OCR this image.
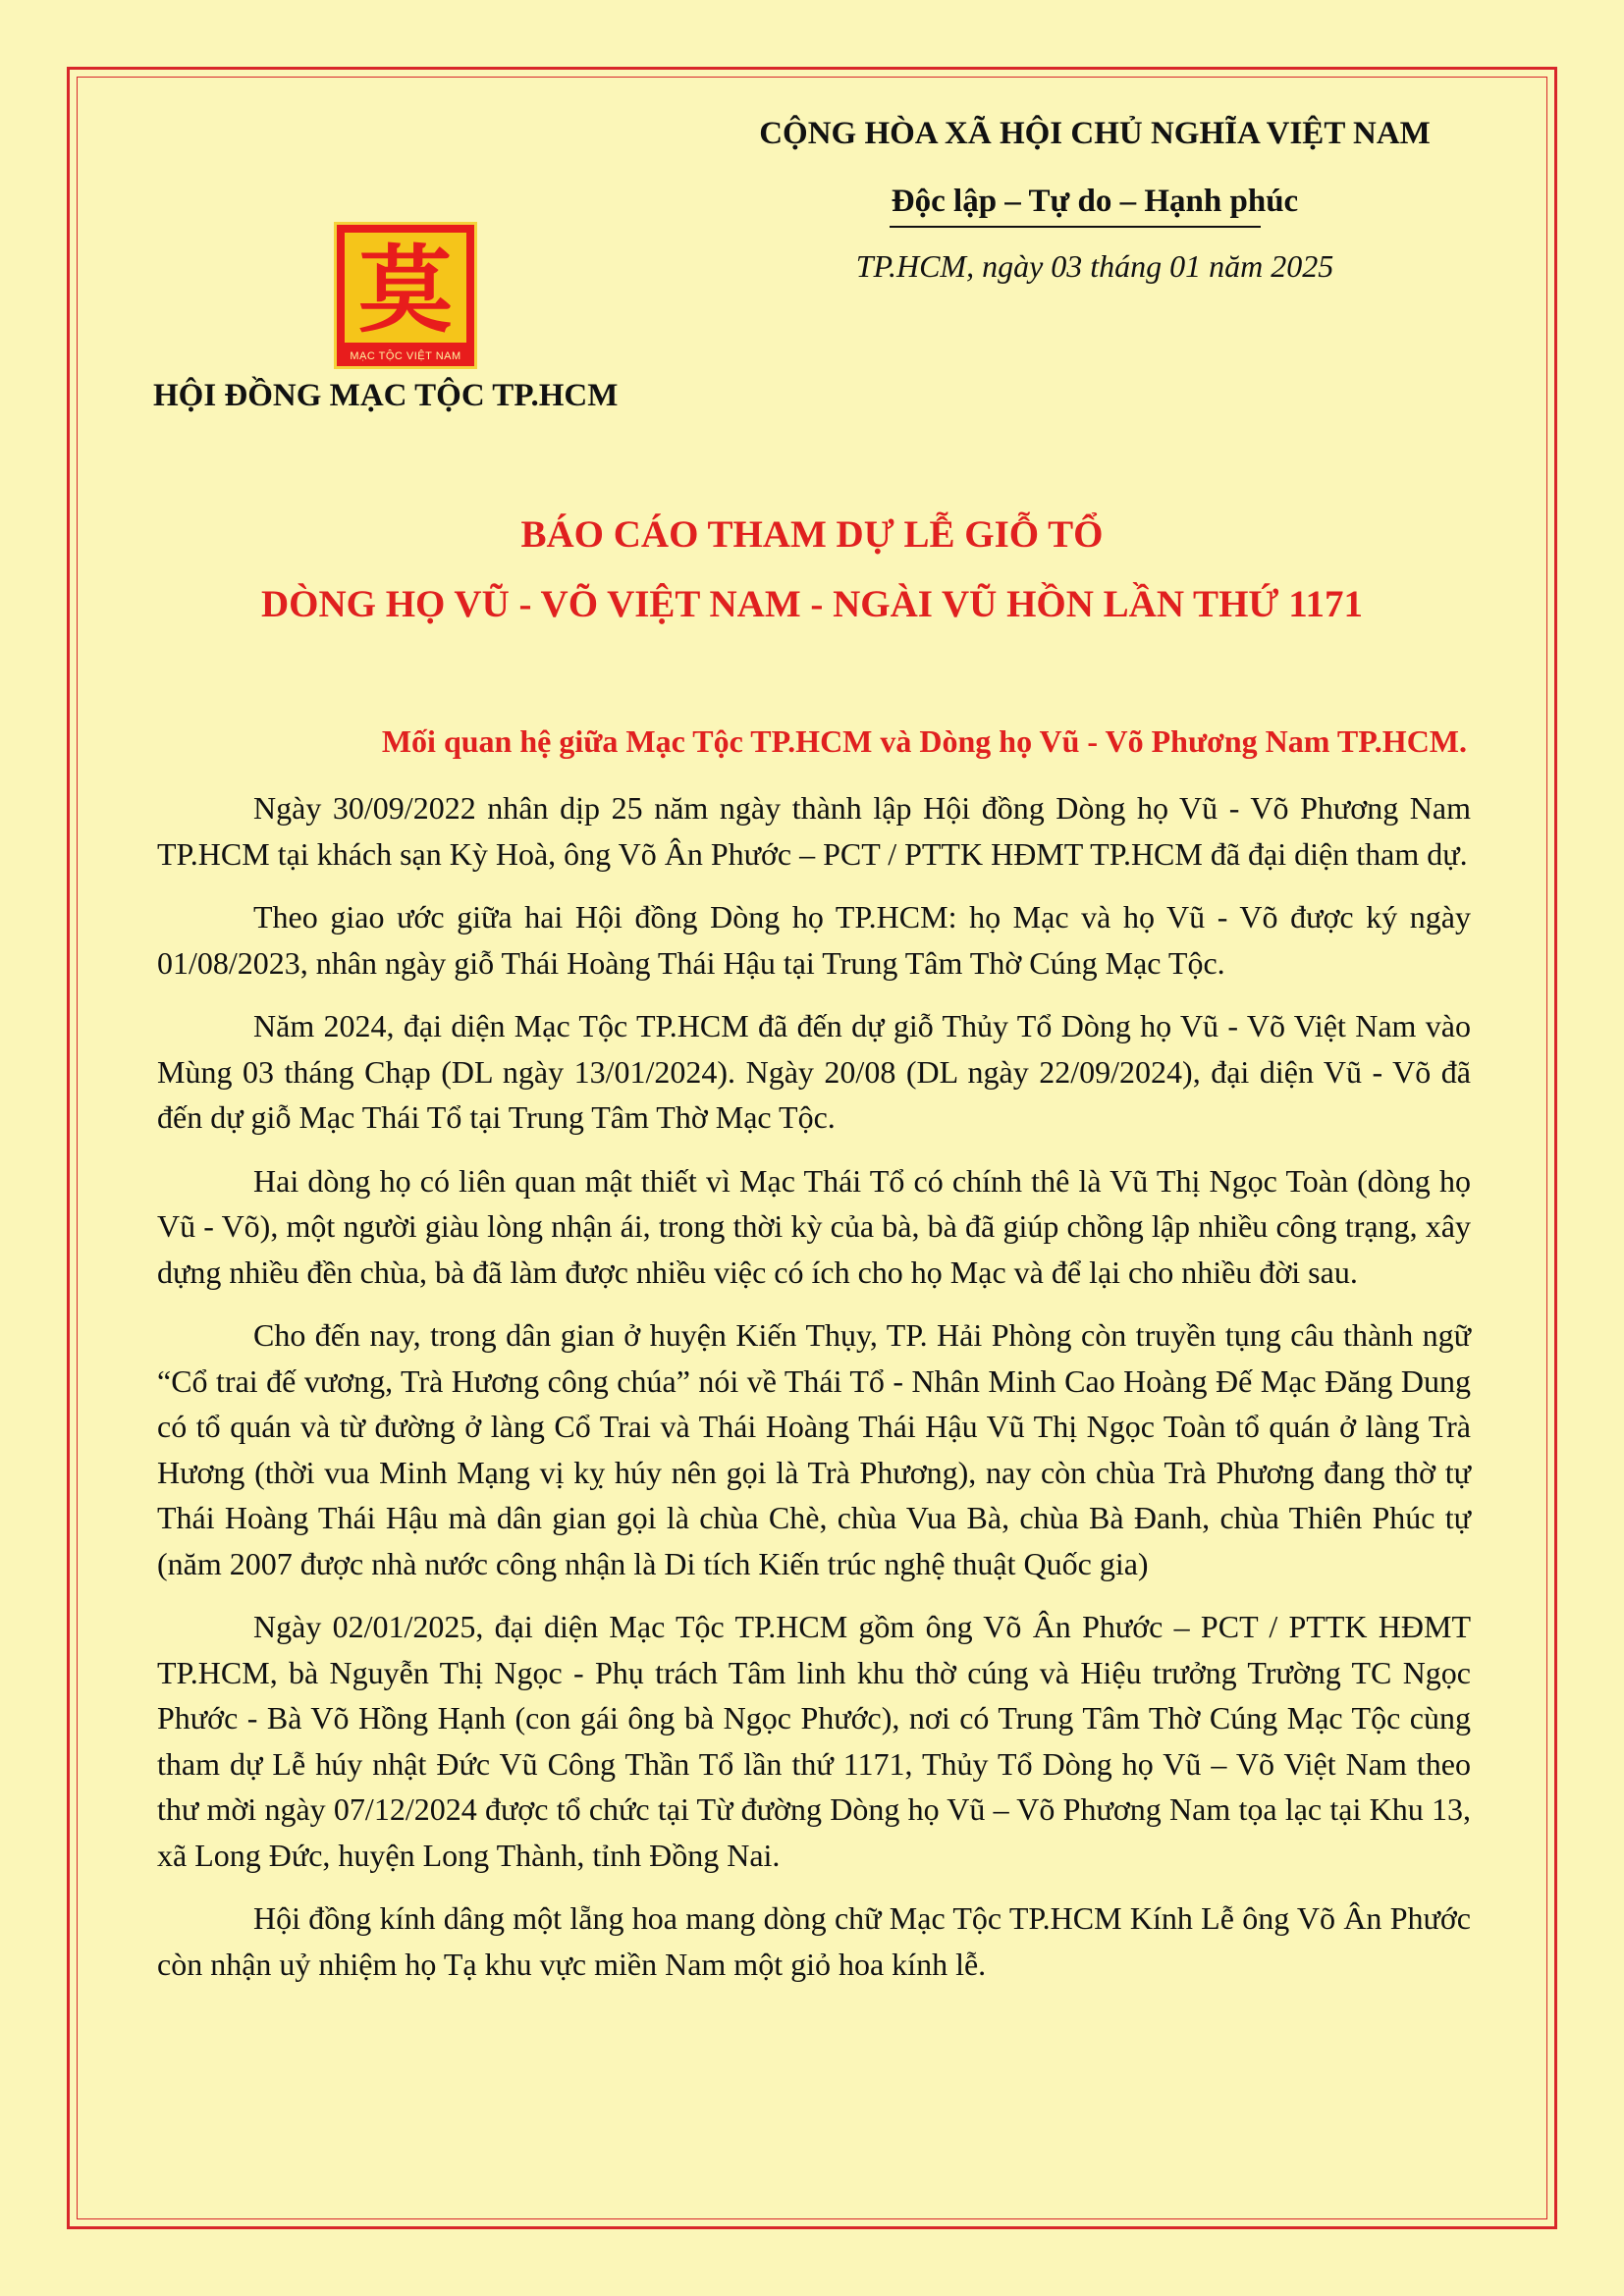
CỘNG HÒA XÃ HỘI CHỦ NGHĨA VIỆT NAM
Độc lập – Tự do – Hạnh phúc
TP.HCM, ngày 03 tháng 01 năm 2025
莫
MẠC TỘC VIỆT NAM
HỘI ĐỒNG MẠC TỘC TP.HCM
BÁO CÁO THAM DỰ LỄ GIỖ TỔ
DÒNG HỌ VŨ - VÕ VIỆT NAM - NGÀI VŨ HỒN LẦN THỨ 1171
Mối quan hệ giữa Mạc Tộc TP.HCM và Dòng họ Vũ - Võ Phương Nam TP.HCM.

Ngày 30/09/2022 nhân dịp 25 năm ngày thành lập Hội đồng Dòng họ Vũ - Võ Phương Nam TP.HCM tại khách sạn Kỳ Hoà, ông Võ Ân Phước – PCT / PTTK HĐMT TP.HCM đã đại diện tham dự.

Theo giao ước giữa hai Hội đồng Dòng họ TP.HCM: họ Mạc và họ Vũ - Võ được ký ngày 01/08/2023, nhân ngày giỗ Thái Hoàng Thái Hậu tại Trung Tâm Thờ Cúng Mạc Tộc.

Năm 2024, đại diện Mạc Tộc TP.HCM đã đến dự giỗ Thủy Tổ Dòng họ Vũ - Võ Việt Nam vào Mùng 03 tháng Chạp (DL ngày 13/01/2024). Ngày 20/08 (DL ngày 22/09/2024), đại diện Vũ - Võ đã đến dự giỗ Mạc Thái Tổ tại Trung Tâm Thờ Mạc Tộc.

Hai dòng họ có liên quan mật thiết vì Mạc Thái Tổ có chính thê là Vũ Thị Ngọc Toàn (dòng họ Vũ - Võ), một người giàu lòng nhận ái, trong thời kỳ của bà, bà đã giúp chồng lập nhiều công trạng, xây dựng nhiều đền chùa, bà đã làm được nhiều việc có ích cho họ Mạc và để lại cho nhiều đời sau.

Cho đến nay, trong dân gian ở huyện Kiến Thụy, TP. Hải Phòng còn truyền tụng câu thành ngữ “Cổ trai đế vương, Trà Hương công chúa” nói về Thái Tổ - Nhân Minh Cao Hoàng Đế Mạc Đăng Dung có tổ quán và từ đường ở làng Cổ Trai và Thái Hoàng Thái Hậu Vũ Thị Ngọc Toàn tổ quán ở làng Trà Hương (thời vua Minh Mạng vị kỵ húy nên gọi là Trà Phương), nay còn chùa Trà Phương đang thờ tự Thái Hoàng Thái Hậu mà dân gian gọi là chùa Chè, chùa Vua Bà, chùa Bà Đanh, chùa Thiên Phúc tự (năm 2007 được nhà nước công nhận là Di tích Kiến trúc nghệ thuật Quốc gia)

Ngày 02/01/2025, đại diện Mạc Tộc TP.HCM gồm ông Võ Ân Phước – PCT / PTTK HĐMT TP.HCM, bà Nguyễn Thị Ngọc - Phụ trách Tâm linh khu thờ cúng và Hiệu trưởng Trường TC Ngọc Phước - Bà Võ Hồng Hạnh (con gái ông bà Ngọc Phước), nơi có Trung Tâm Thờ Cúng Mạc Tộc cùng tham dự Lễ húy nhật Đức Vũ Công Thần Tổ lần thứ 1171, Thủy Tổ Dòng họ Vũ – Võ Việt Nam theo thư mời ngày 07/12/2024 được tổ chức tại Từ đường Dòng họ Vũ – Võ Phương Nam tọa lạc tại Khu 13, xã Long Đức, huyện Long Thành, tỉnh Đồng Nai.

Hội đồng kính dâng một lẵng hoa mang dòng chữ Mạc Tộc TP.HCM Kính Lễ ông Võ Ân Phước còn nhận uỷ nhiệm họ Tạ khu vực miền Nam một giỏ hoa kính lễ.
